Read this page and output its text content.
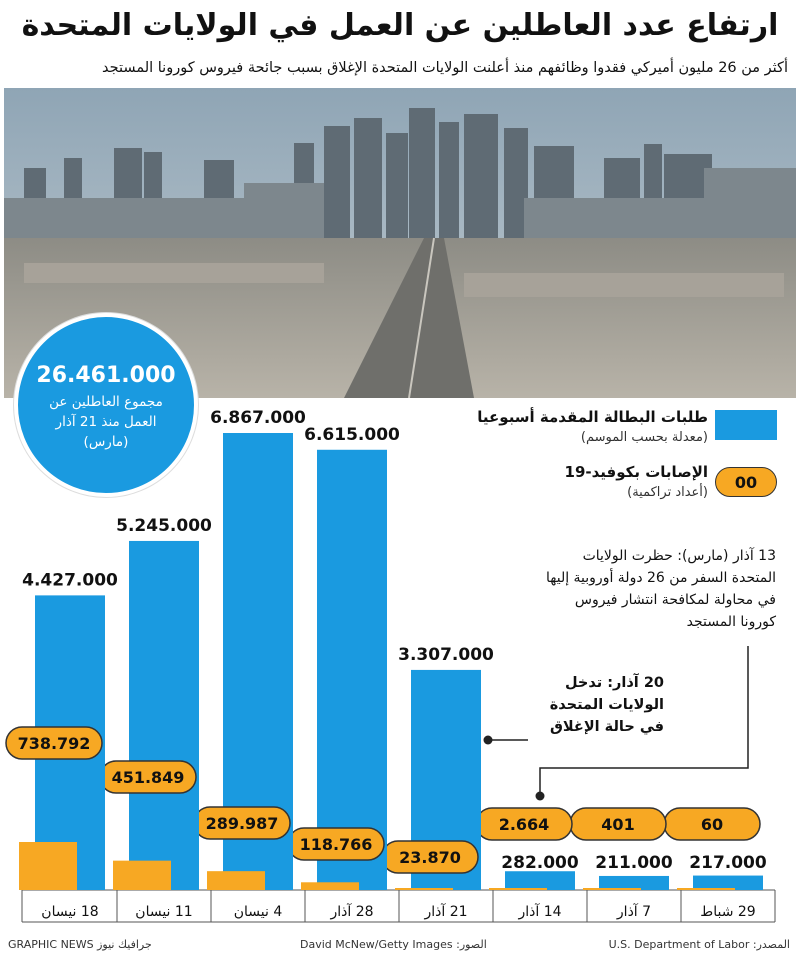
ارتفاع عدد العاطلين عن العمل في الولايات المتحدة
أكثر من 26 مليون أميركي فقدوا وظائفهم منذ أعلنت الولايات المتحدة الإغلاق بسبب جائحة فيروس كورونا المستجد
26.461.000
مجموع العاطلين عن العمل منذ 21 آذار (مارس)
طلبات البطالة المقدمة أسبوعيا
(معدلة بحسب الموسم)
00
الإصابات بكوفيد-19
(أعداد تراكمية)
13 آذار (مارس): حظرت الولايات المتحدة السفر من 26 دولة أوروبية إليها في محاولة لمكافحة انتشار فيروس كورونا المستجد
20 آذار: تدخل الولايات المتحدة في حالة الإغلاق
217.000
60
29 شباط
211.000
401
7 آذار
282.000
2.664
14 آذار
3.307.000
23.870
21 آذار
6.615.000
118.766
28 آذار
6.867.000
289.987
4 نيسان
5.245.000
451.849
11 نيسان
4.427.000
738.792
18 نيسان
GRAPHIC NEWS جرافيك نيوز	David McNew/Getty Images :الصور	المصدر: U.S. Department of Labor
